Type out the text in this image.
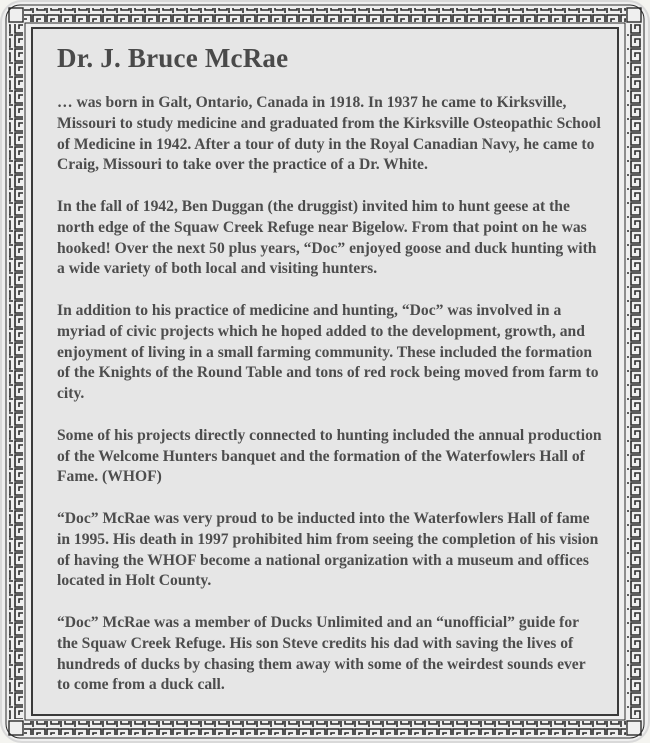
Dr. J. Bruce McRae

… was born in Galt, Ontario, Canada in 1918. In 1937 he came to Kirksville, Missouri to study medicine and graduated from the Kirksville Osteopathic School of Medicine in 1942. After a tour of duty in the Royal Canadian Navy, he came to Craig, Missouri to take over the practice of a Dr. White.

In the fall of 1942, Ben Duggan (the druggist) invited him to hunt geese at the north edge of the Squaw Creek Refuge near Bigelow. From that point on he was hooked! Over the next 50 plus years, “Doc” enjoyed goose and duck hunting with a wide variety of both local and visiting hunters.

In addition to his practice of medicine and hunting, “Doc” was involved in a myriad of civic projects which he hoped added to the development, growth, and enjoyment of living in a small farming community. These included the formation of the Knights of the Round Table and tons of red rock being moved from farm to city.

Some of his projects directly connected to hunting included the annual production of the Welcome Hunters banquet and the formation of the Waterfowlers Hall of Fame. (WHOF)

“Doc” McRae was very proud to be inducted into the Waterfowlers Hall of fame in 1995. His death in 1997 prohibited him from seeing the completion of his vision of having the WHOF become a national organization with a museum and offices located in Holt County.

“Doc” McRae was a member of Ducks Unlimited and an “unofficial” guide for the Squaw Creek Refuge. His son Steve credits his dad with saving the lives of hundreds of ducks by chasing them away with some of the weirdest sounds ever to come from a duck call.
